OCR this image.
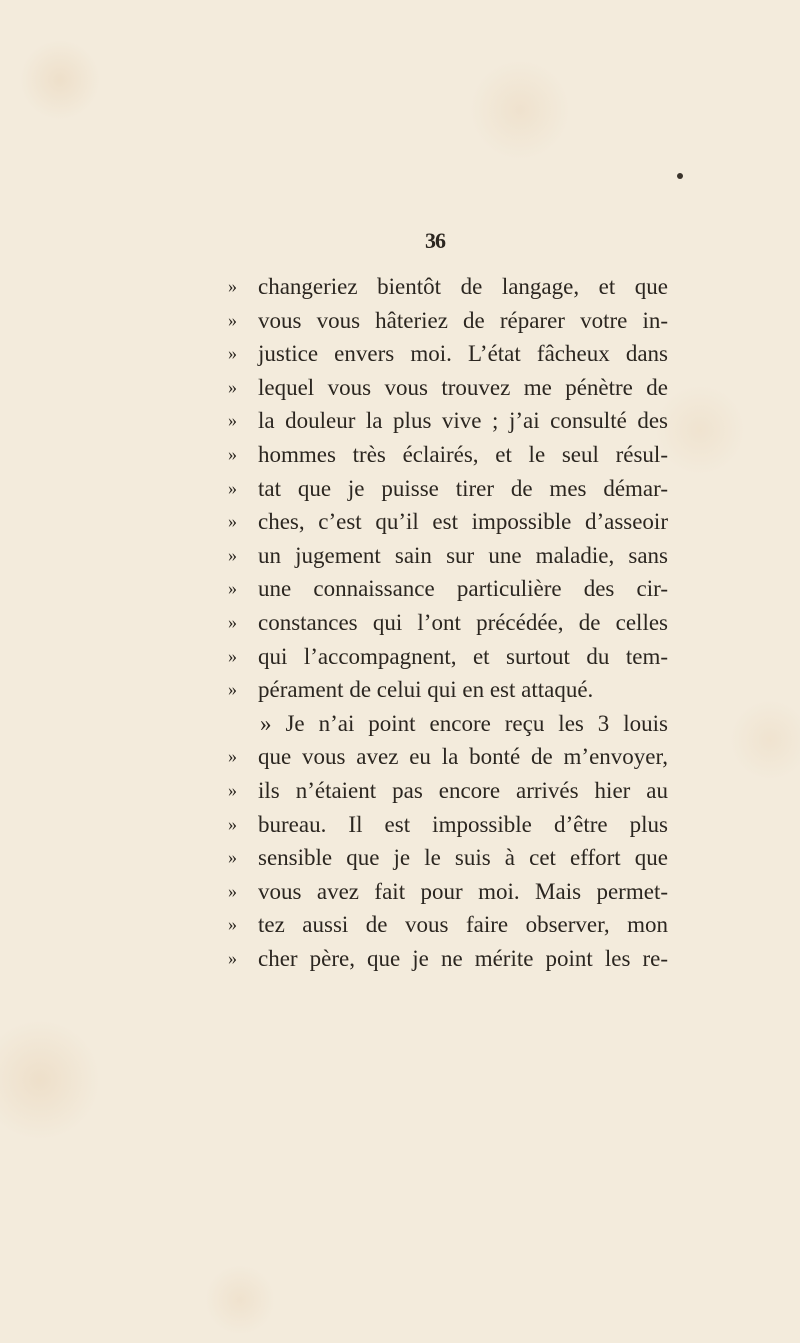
36
» changeriez bientôt de langage, et que
» vous vous hâteriez de réparer votre in-
» justice envers moi. L’état fâcheux dans
» lequel vous vous trouvez me pénètre de
» la douleur la plus vive ; j’ai consulté des
» hommes très éclairés, et le seul résul-
» tat que je puisse tirer de mes démar-
» ches, c’est qu’il est impossible d’asseoir
» un jugement sain sur une maladie, sans
» une connaissance particulière des cir-
» constances qui l’ont précédée, de celles
» qui l’accompagnent, et surtout du tem-
» pérament de celui qui en est attaqué.
» Je n’ai point encore reçu les 3 louis
» que vous avez eu la bonté de m’envoyer,
» ils n’étaient pas encore arrivés hier au
» bureau. Il est impossible d’être plus
» sensible que je le suis à cet effort que
» vous avez fait pour moi. Mais permet-
» tez aussi de vous faire observer, mon
» cher père, que je ne mérite point les re-
